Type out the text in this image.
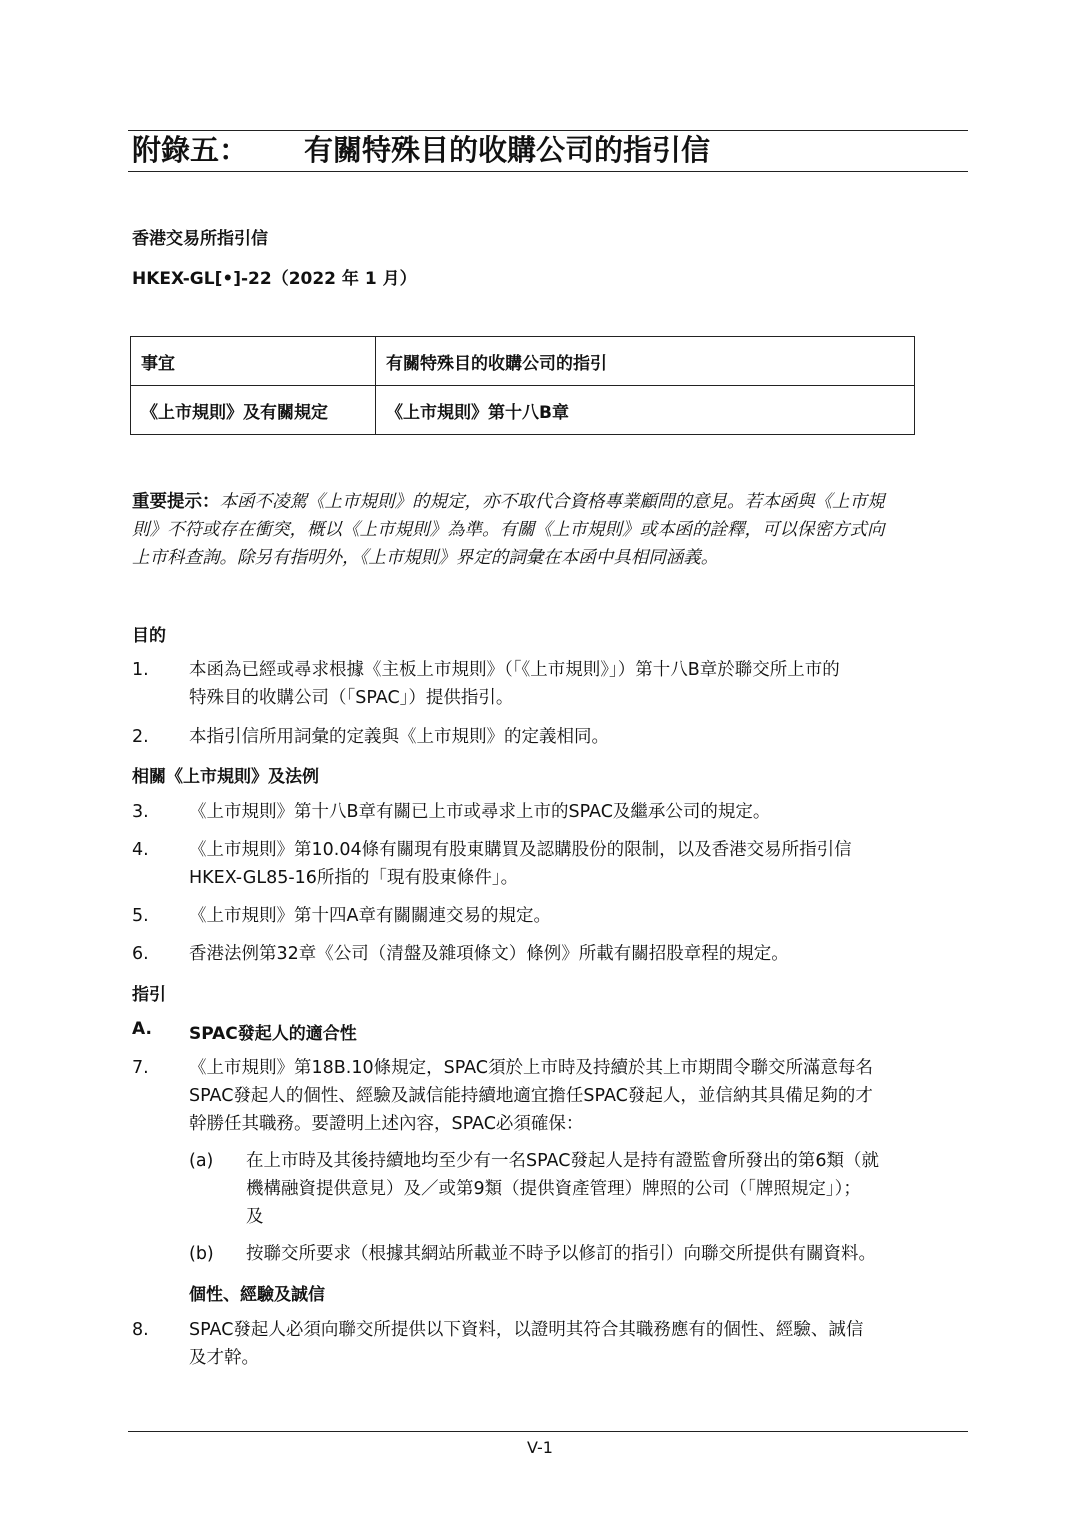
附錄五： 有關特殊目的收購公司的指引信
香港交易所指引信
HKEX-GL[•]-22（2022 年 1 月）
事宜	有關特殊目的收購公司的指引
《上市規則》及有關規定	《上市規則》第十八B章
重要提示：本函不凌駕《上市規則》的規定，亦不取代合資格專業顧問的意見。若本函與《上市規
則》不符或存在衝突，概以《上市規則》為準。有關《上市規則》或本函的詮釋，可以保密方式向
上市科查詢。除另有指明外，《上市規則》界定的詞彙在本函中具相同涵義。
目的
1. 本函為已經或尋求根據《主板上市規則》（「《上市規則》」）第十八B章於聯交所上市的
特殊目的收購公司（「SPAC」）提供指引。
2. 本指引信所用詞彙的定義與《上市規則》的定義相同。
相關《上市規則》及法例
3. 《上市規則》第十八B章有關已上市或尋求上市的SPAC及繼承公司的規定。
4. 《上市規則》第10.04條有關現有股東購買及認購股份的限制，以及香港交易所指引信
HKEX-GL85-16所指的「現有股東條件」。
5. 《上市規則》第十四A章有關關連交易的規定。
6. 香港法例第32章《公司（清盤及雜項條文）條例》所載有關招股章程的規定。
指引
A. SPAC發起人的適合性
7. 《上市規則》第18B.10條規定，SPAC須於上市時及持續於其上市期間令聯交所滿意每名
SPAC發起人的個性、經驗及誠信能持續地適宜擔任SPAC發起人，並信納其具備足夠的才
幹勝任其職務。要證明上述內容，SPAC必須確保：
(a) 在上市時及其後持續地均至少有一名SPAC發起人是持有證監會所發出的第6類（就
機構融資提供意見）及／或第9類（提供資產管理）牌照的公司（「牌照規定」）；
及
(b) 按聯交所要求（根據其網站所載並不時予以修訂的指引）向聯交所提供有關資料。
個性、經驗及誠信
8. SPAC發起人必須向聯交所提供以下資料，以證明其符合其職務應有的個性、經驗、誠信
及才幹。
V-1
